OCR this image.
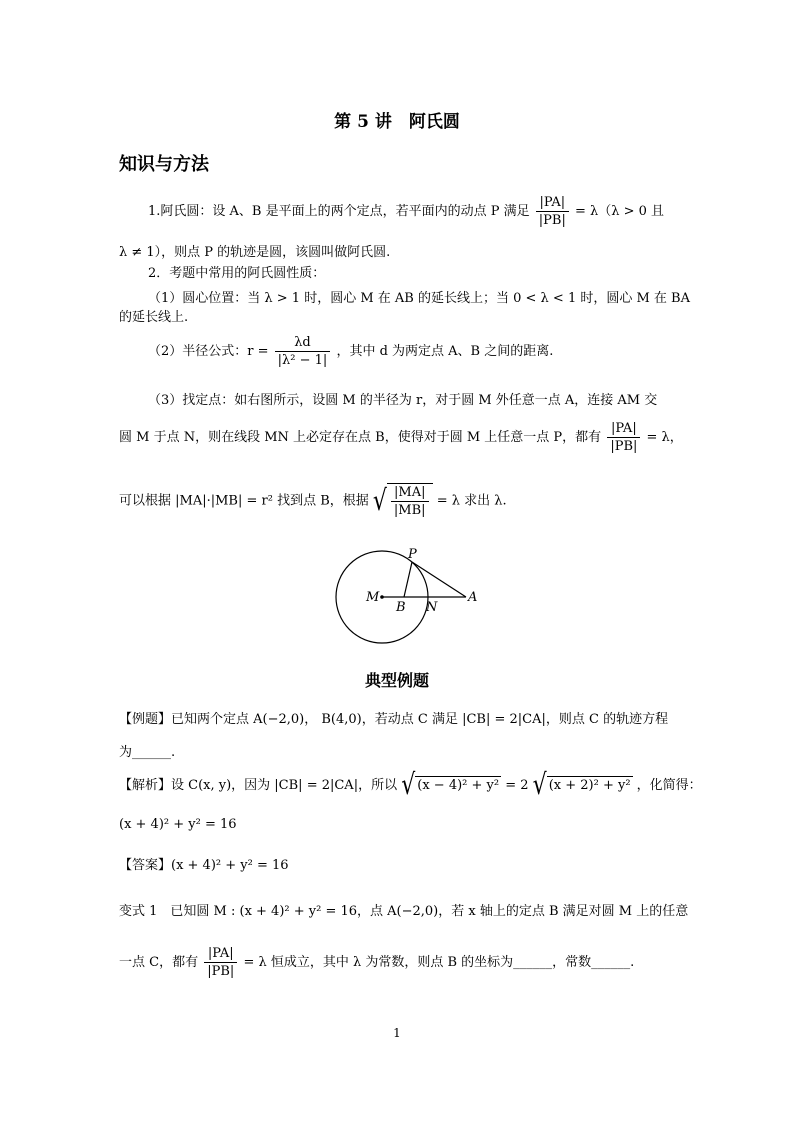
第 5 讲　阿氏圆
知识与方法
1.阿氏圆：设 A、B 是平面上的两个定点，若平面内的动点 P 满足 $\frac{|PA|}{|PB|} = \lambda(\lambda > 0$ 且
λ ≠ 1），则点 P 的轨迹是圆，该圆叫做阿氏圆.
2．考题中常用的阿氏圆性质：
（1）圆心位置：当 λ > 1 时，圆心 M 在 AB 的延长线上；当 0 < λ < 1 时，圆心 M 在 BA
的延长线上.
（2）半径公式：$r = \frac{\lambda d}{\text{|λ² − 1|}}$ ，其中 d 为两定点 A、B 之间的距离.
（3）找定点：如右图所示，设圆 M 的半径为 r，对于圆 M 外任意一点 A，连接 AM 交
圆 M 于点 N，则在线段 MN 上必定存在点 B，使得对于圆 M 上任意一点 P，都有 $\frac{|PA|}{|PB|} = \lambda$，
可以根据 |MA|·|MB| = r² 找到点 B，根据 √ $\frac{|MA|}{|MB|} = \lambda$ 求出 λ.
P
M
B N
A
典型例题
【例题】已知两个定点 A(−2,0)， B(4,0)，若动点 C 满足 |CB| = 2|CA|，则点 C 的轨迹方程
为______.
【解析】设 C(x, y)，因为 |CB| = 2|CA|，所以 √ (x − 4)² + y² = 2 √ (x + 2)² + y² ，化简得：
(x + 4)² + y² = 16
【答案】(x + 4)² + y² = 16
变式 1　已知圆 M : (x + 4)² + y² = 16，点 A(−2,0)，若 x 轴上的定点 B 满足对圆 M 上的任意
一点 C，都有 $\frac{|PA|}{|PB|} = \lambda$ 恒成立，其中 λ 为常数，则点 B 的坐标为______，常数______.
1
